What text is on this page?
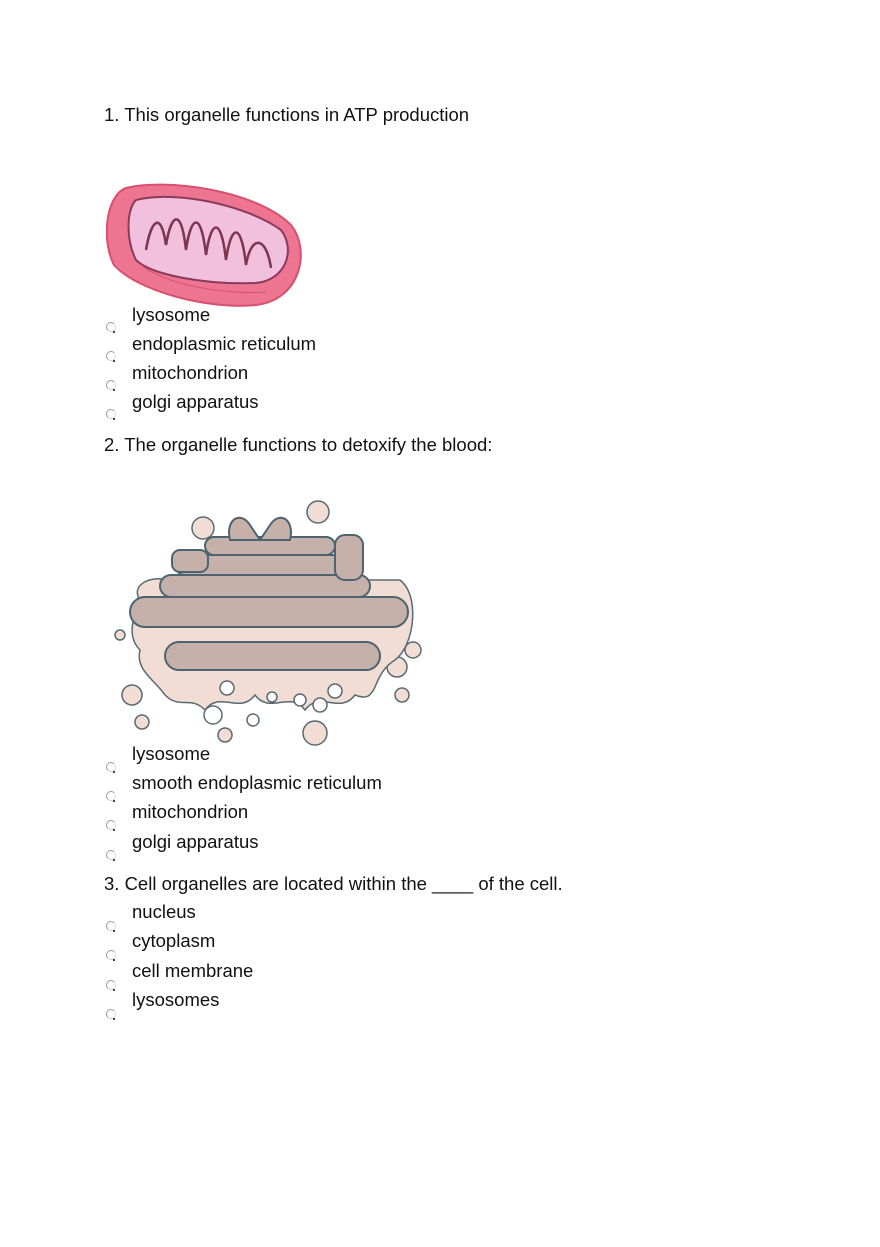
1. This organelle functions in ATP production
lysosome
endoplasmic reticulum
mitochondrion
golgi apparatus
2. The organelle functions to detoxify the blood:
lysosome
smooth endoplasmic reticulum
mitochondrion
golgi apparatus
3. Cell organelles are located within the ____ of the cell.
nucleus
cytoplasm
cell membrane
lysosomes
